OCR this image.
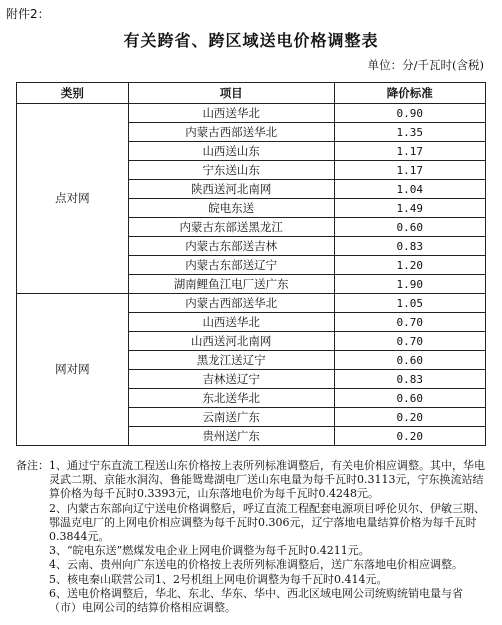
附件2：
有关跨省、跨区域送电价格调整表
单位：分/千瓦时(含税)
类别	项目	降价标准
点对网	山西送华北	0.90
	内蒙古西部送华北	1.35
	山西送山东	1.17
	宁东送山东	1.17
	陕西送河北南网	1.04
	皖电东送	1.49
	内蒙古东部送黑龙江	0.60
	内蒙古东部送吉林	0.83
	内蒙古东部送辽宁	1.20
	湖南鲤鱼江电厂送广东	1.90
网对网	内蒙古西部送华北	1.05
	山西送华北	0.70
	山西送河北南网	0.70
	黑龙江送辽宁	0.60
	吉林送辽宁	0.83
	东北送华北	0.60
	云南送广东	0.20
	贵州送广东	0.20
备注： 1、通过宁东直流工程送山东价格按上表所列标准调整后，有关电价相应调整。其中，华电灵武二期、京能水洞沟、鲁能鸳鸯湖电厂送山东电量为每千瓦时0.3113元，宁东换流站结算价格为每千瓦时0.3393元，山东落地电价为每千瓦时0.4248元。

2、内蒙古东部向辽宁送电价格调整后，呼辽直流工程配套电源项目呼伦贝尔、伊敏三期、鄂温克电厂的上网电价相应调整为每千瓦时0.306元，辽宁落地电量结算价格为每千瓦时0.3844元。

3、“皖电东送”燃煤发电企业上网电价调整为每千瓦时0.4211元。

4、云南、贵州向广东送电的价格按上表所列标准调整后，送广东落地电价相应调整。

5、核电秦山联营公司1、2号机组上网电价调整为每千瓦时0.414元。

6、送电价格调整后，华北、东北、华东、华中、西北区域电网公司统购统销电量与省（市）电网公司的结算价格相应调整。
